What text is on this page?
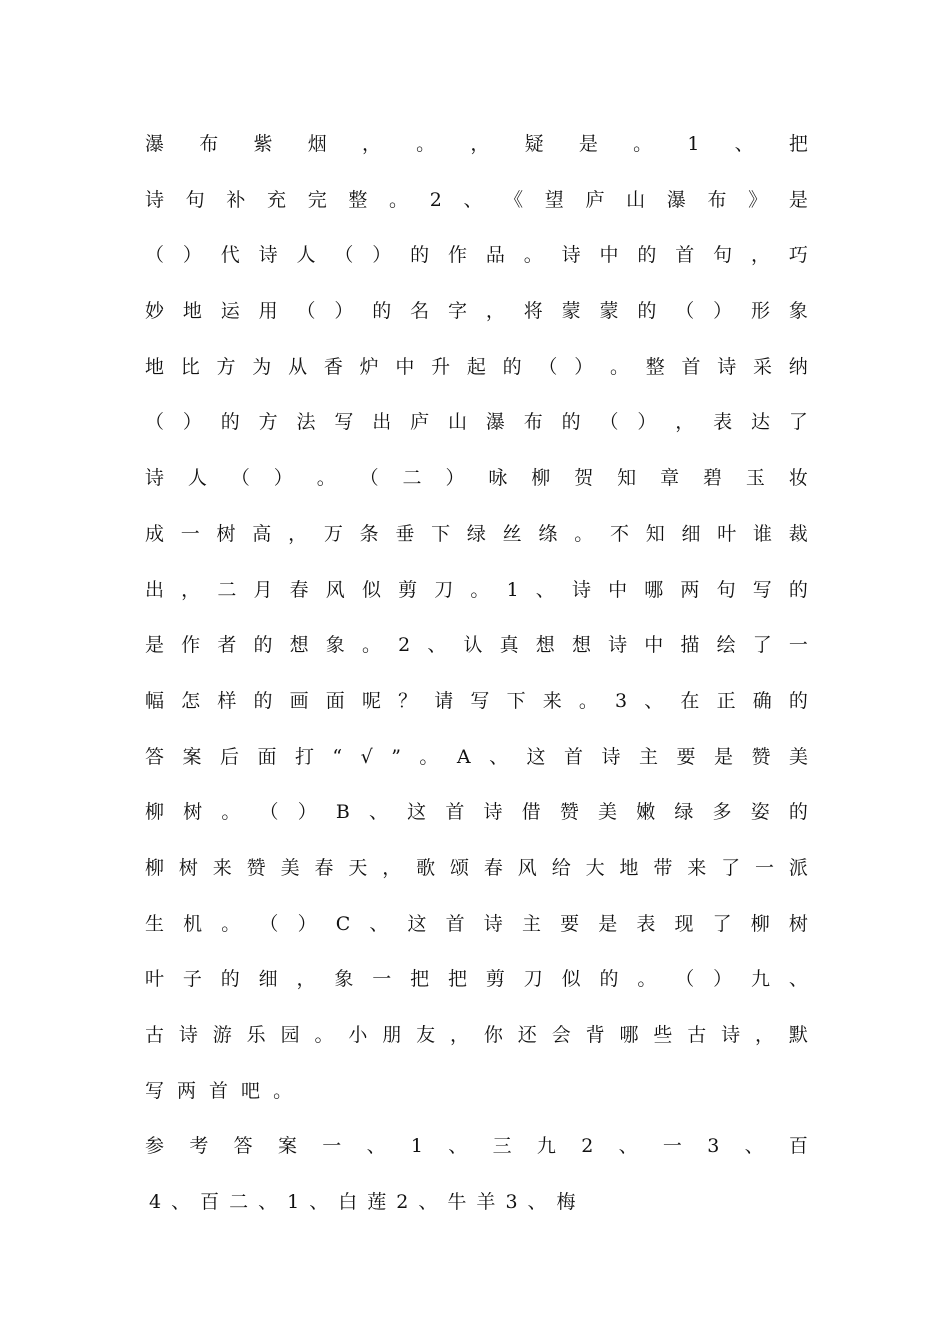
瀑 布 紫 烟 ， 。 ， 疑 是 。 1 、 把
诗 句 补 充 完 整 。 2 、 《 望 庐 山 瀑 布 》 是
（ ） 代 诗 人 （ ） 的 作 品 。 诗 中 的 首 句 ， 巧
妙 地 运 用 （ ） 的 名 字 ， 将 蒙 蒙 的 （ ） 形 象
地 比 方 为 从 香 炉 中 升 起 的 （ ） 。 整 首 诗 采 纳
（ ） 的 方 法 写 出 庐 山 瀑 布 的 （ ） ， 表 达 了
诗 人 （ ） 。 （ 二 ） 咏 柳 贺 知 章 碧 玉 妆
成 一 树 高 ， 万 条 垂 下 绿 丝 绦 。 不 知 细 叶 谁 裁
出 ， 二 月 春 风 似 剪 刀 。 1 、 诗 中 哪 两 句 写 的
是 作 者 的 想 象 。 2 、 认 真 想 想 诗 中 描 绘 了 一
幅 怎 样 的 画 面 呢 ？ 请 写 下 来 。 3 、 在 正 确 的
答 案 后 面 打 “ √ ” 。 A 、 这 首 诗 主 要 是 赞 美
柳 树 。 （ ） B 、 这 首 诗 借 赞 美 嫩 绿 多 姿 的
柳 树 来 赞 美 春 天 ， 歌 颂 春 风 给 大 地 带 来 了 一 派
生 机 。 （ ） C 、 这 首 诗 主 要 是 表 现 了 柳 树
叶 子 的 细 ， 象 一 把 把 剪 刀 似 的 。 （ ） 九 、
古 诗 游 乐 园 。 小 朋 友 ， 你 还 会 背 哪 些 古 诗 ， 默
写 两 首 吧 。
参 考 答 案 一 、 1 、 三 九 2 、 一 3 、 百
4 、 百 二 、 1 、 白 莲 2 、 牛 羊 3 、 梅
